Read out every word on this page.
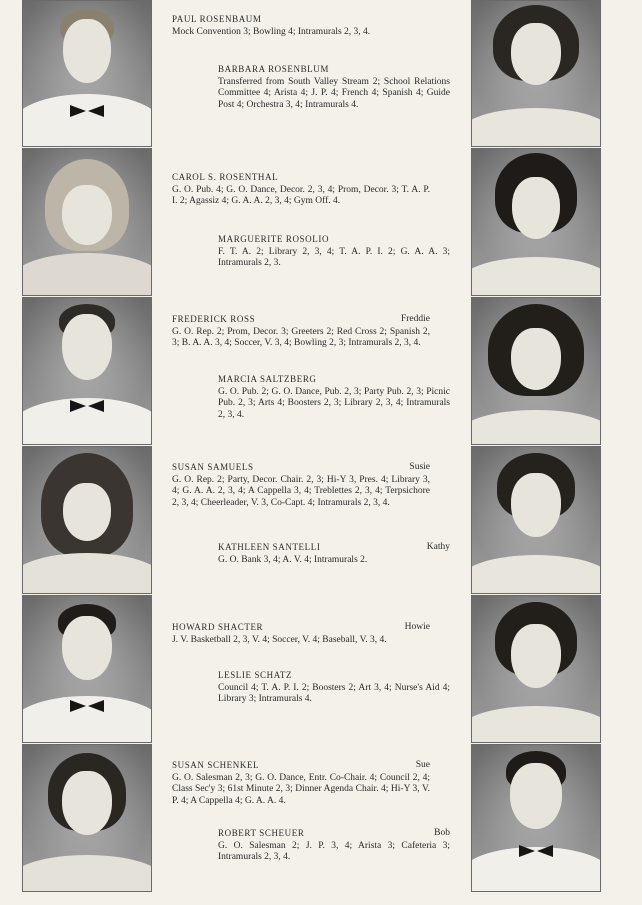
PAUL ROSENBAUM
Mock Convention 3; Bowling 4; Intramurals 2, 3, 4.
BARBARA ROSENBLUM
Transferred from South Valley Stream 2; School Relations Committee 4; Arista 4; J. P. 4; French 4; Spanish 4; Guide Post 4; Orchestra 3, 4; Intramurals 4.
CAROL S. ROSENTHAL
G. O. Pub. 4; G. O. Dance, Decor. 2, 3, 4; Prom, Decor. 3; T. A. P. I. 2; Agassiz 4; G. A. A. 2, 3, 4; Gym Off. 4.
MARGUERITE ROSOLIO
F. T. A. 2; Library 2, 3, 4; T. A. P. I. 2; G. A. A. 3; Intramurals 2, 3.
FREDERICK ROSS	Freddie
G. O. Rep. 2; Prom, Decor. 3; Greeters 2; Red Cross 2; Spanish 2, 3; B. A. A. 3, 4; Soccer, V. 3, 4; Bowling 2, 3; Intramurals 2, 3, 4.
MARCIA SALTZBERG
G. O. Pub. 2; G. O. Dance, Pub. 2, 3; Party Pub. 2, 3; Picnic Pub. 2, 3; Arts 4; Boosters 2, 3; Library 2, 3, 4; Intramurals 2, 3, 4.
SUSAN SAMUELS	Susie
G. O. Rep. 2; Party, Decor. Chair. 2, 3; Hi-Y 3, Pres. 4; Library 3, 4; G. A. A. 2, 3, 4; A Cappella 3, 4; Treblettes 2, 3, 4; Terpsichore 2, 3, 4; Cheerleader, V. 3, Co-Capt. 4; Intramurals 2, 3, 4.
KATHLEEN SANTELLI	Kathy
G. O. Bank 3, 4; A. V. 4; Intramurals 2.
HOWARD SHACTER	Howie
J. V. Basketball 2, 3, V. 4; Soccer, V. 4; Baseball, V. 3, 4.
LESLIE SCHATZ
Council 4; T. A. P. I. 2; Boosters 2; Art 3, 4; Nurse's Aid 4; Library 3; Intramurals 4.
SUSAN SCHENKEL	Sue
G. O. Salesman 2, 3; G. O. Dance, Entr. Co-Chair. 4; Council 2, 4; Class Sec'y 3; 61st Minute 2, 3; Dinner Agenda Chair. 4; Hi-Y 3, V. P. 4; A Cappella 4; G. A. A. 4.
ROBERT SCHEUER	Bob
G. O. Salesman 2; J. P. 3, 4; Arista 3; Cafeteria 3; Intramurals 2, 3, 4.
